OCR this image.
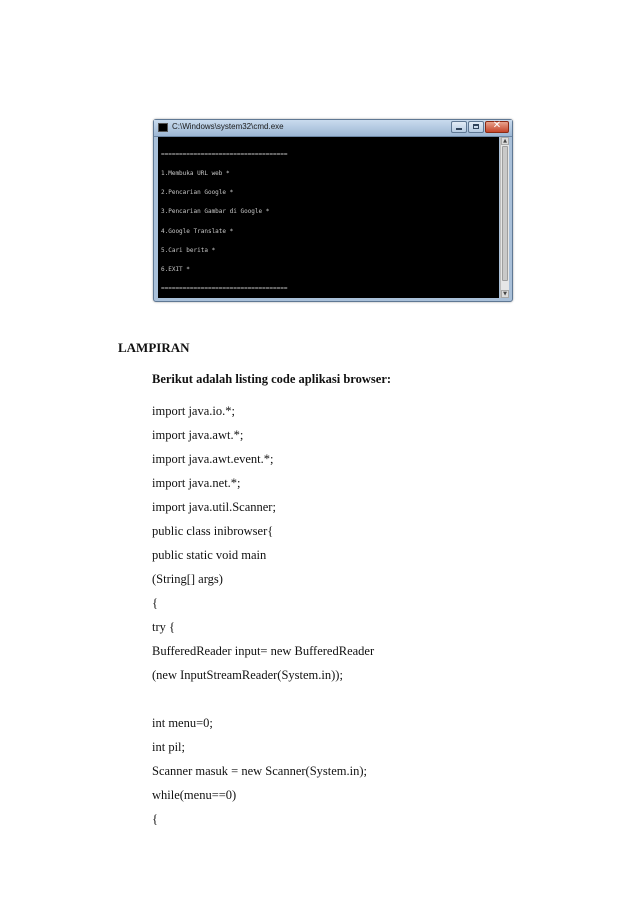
C:\Windows\system32\cmd.exe	✕

===================================

1.Membuka URL web *

2.Pencarian Google *

3.Pencarian Gambar di Google *

4.Google Translate *

5.Cari berita *

6.EXIT *

===================================

▲
▼
LAMPIRAN

Berikut adalah listing code aplikasi browser:

import java.io.*;
import java.awt.*;
import java.awt.event.*;
import java.net.*;
import java.util.Scanner;
public class inibrowser{
public static void main
(String[] args)
{
try {
BufferedReader input= new BufferedReader
(new InputStreamReader(System.in));
int menu=0;
int pil;
Scanner masuk = new Scanner(System.in);
while(menu==0)
{
